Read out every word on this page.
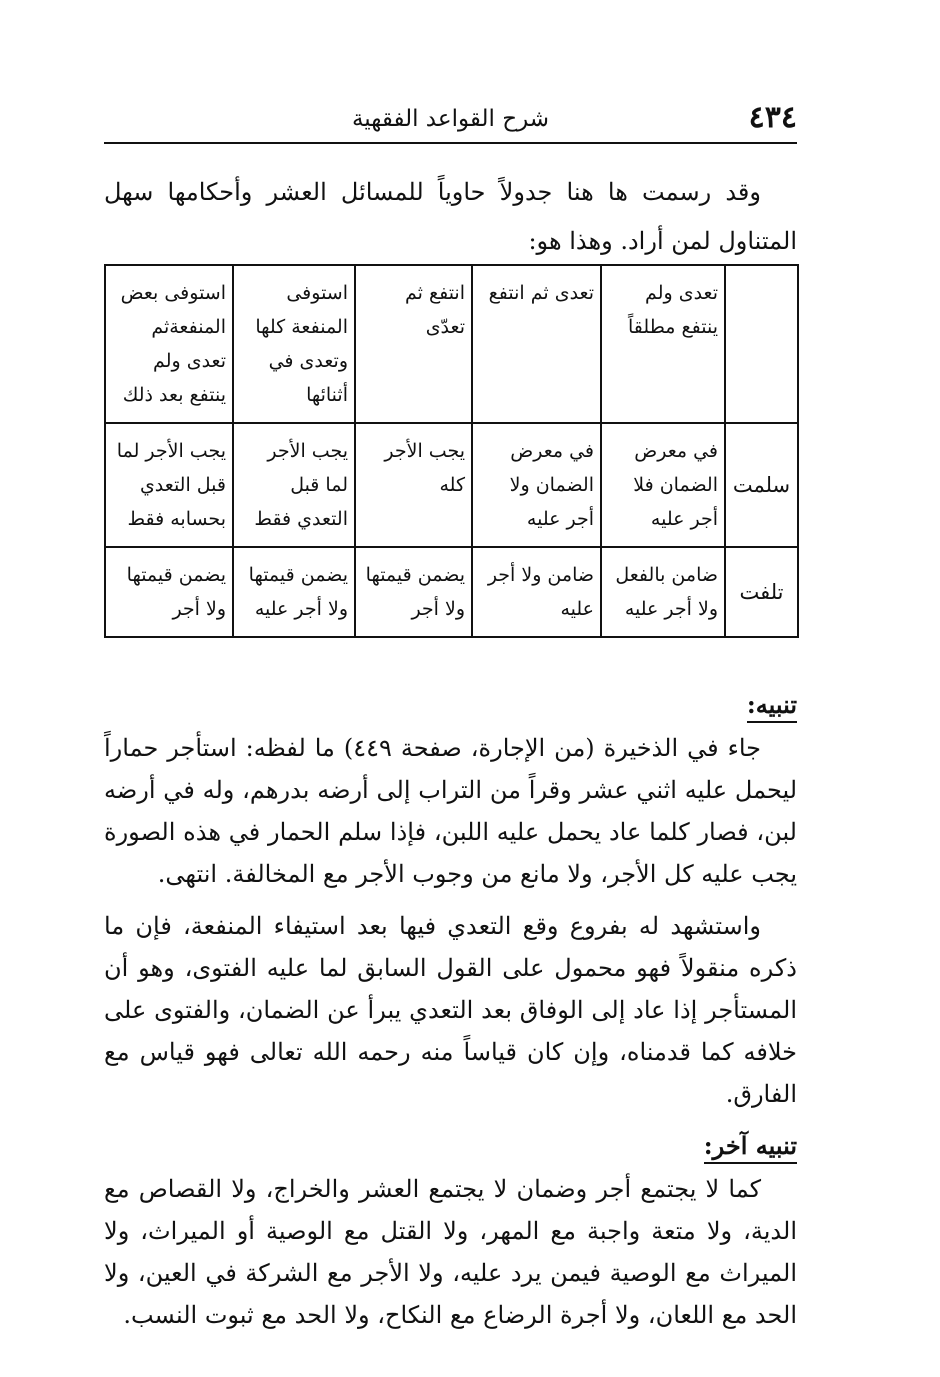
٤٣٤
شرح القواعد الفقهية

وقد رسمت ها هنا جدولاً حاوياً للمسائل العشر وأحكامها سهل المتناول لمن أراد. وهذا هو:

	تعدى ولم ينتفع مطلقاً	تعدى ثم انتفع	انتفع ثم تعدّى	استوفى المنفعة كلها وتعدى في أثنائها	استوفى بعض المنفعةثم تعدى ولم ينتفع بعد ذلك
سلمت	في معرض الضمان فلا أجر عليه	في معرض الضمان ولا أجر عليه	يجب الأجر كله	يجب الأجر لما قبل التعدي فقط	يجب الأجر لما قبل التعدي بحسابه فقط
تلفت	ضامن بالفعل ولا أجر عليه	ضامن ولا أجر عليه	يضمن قيمتها ولا أجر	يضمن قيمتها ولا أجر عليه	يضمن قيمتها ولا أجر
تنبيه:

جاء في الذخيرة (من الإجارة، صفحة ٤٤٩) ما لفظه: استأجر حماراً ليحمل عليه اثني عشر وقراً من التراب إلى أرضه بدرهم، وله في أرضه لبن، فصار كلما عاد يحمل عليه اللبن، فإذا سلم الحمار في هذه الصورة يجب عليه كل الأجر، ولا مانع من وجوب الأجر مع المخالفة. انتهى.

واستشهد له بفروع وقع التعدي فيها بعد استيفاء المنفعة، فإن ما ذكره منقولاً فهو محمول على القول السابق لما عليه الفتوى، وهو أن المستأجر إذا عاد إلى الوفاق بعد التعدي يبرأ عن الضمان، والفتوى على خلافه كما قدمناه، وإن كان قياساً منه رحمه الله تعالى فهو قياس مع الفارق.

تنبيه آخر:

كما لا يجتمع أجر وضمان لا يجتمع العشر والخراج، ولا القصاص مع الدية، ولا متعة واجبة مع المهر، ولا القتل مع الوصية أو الميراث، ولا الميراث مع الوصية فيمن يرد عليه، ولا الأجر مع الشركة في العين، ولا الحد مع اللعان، ولا أجرة الرضاع مع النكاح، ولا الحد مع ثبوت النسب.
